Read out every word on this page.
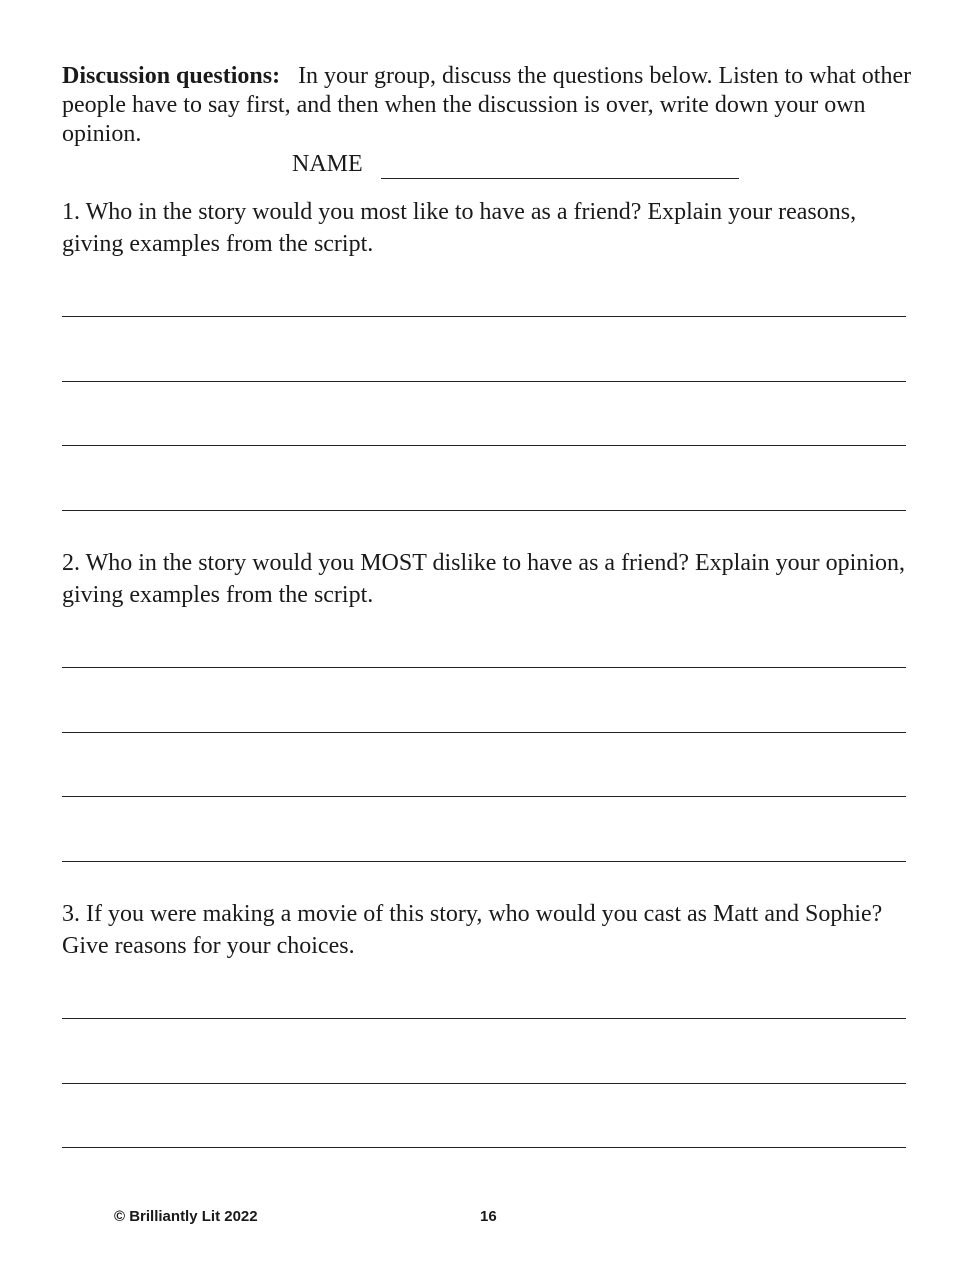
Discussion questions: In your group, discuss the questions below. Listen to what other people have to say first, and then when the discussion is over, write down your own opinion.

NAME

1. Who in the story would you most like to have as a friend? Explain your reasons, giving examples from the script.

2. Who in the story would you MOST dislike to have as a friend? Explain your opinion, giving examples from the script.

3. If you were making a movie of this story, who would you cast as Matt and Sophie? Give reasons for your choices.

© Brilliantly Lit 2022	16
